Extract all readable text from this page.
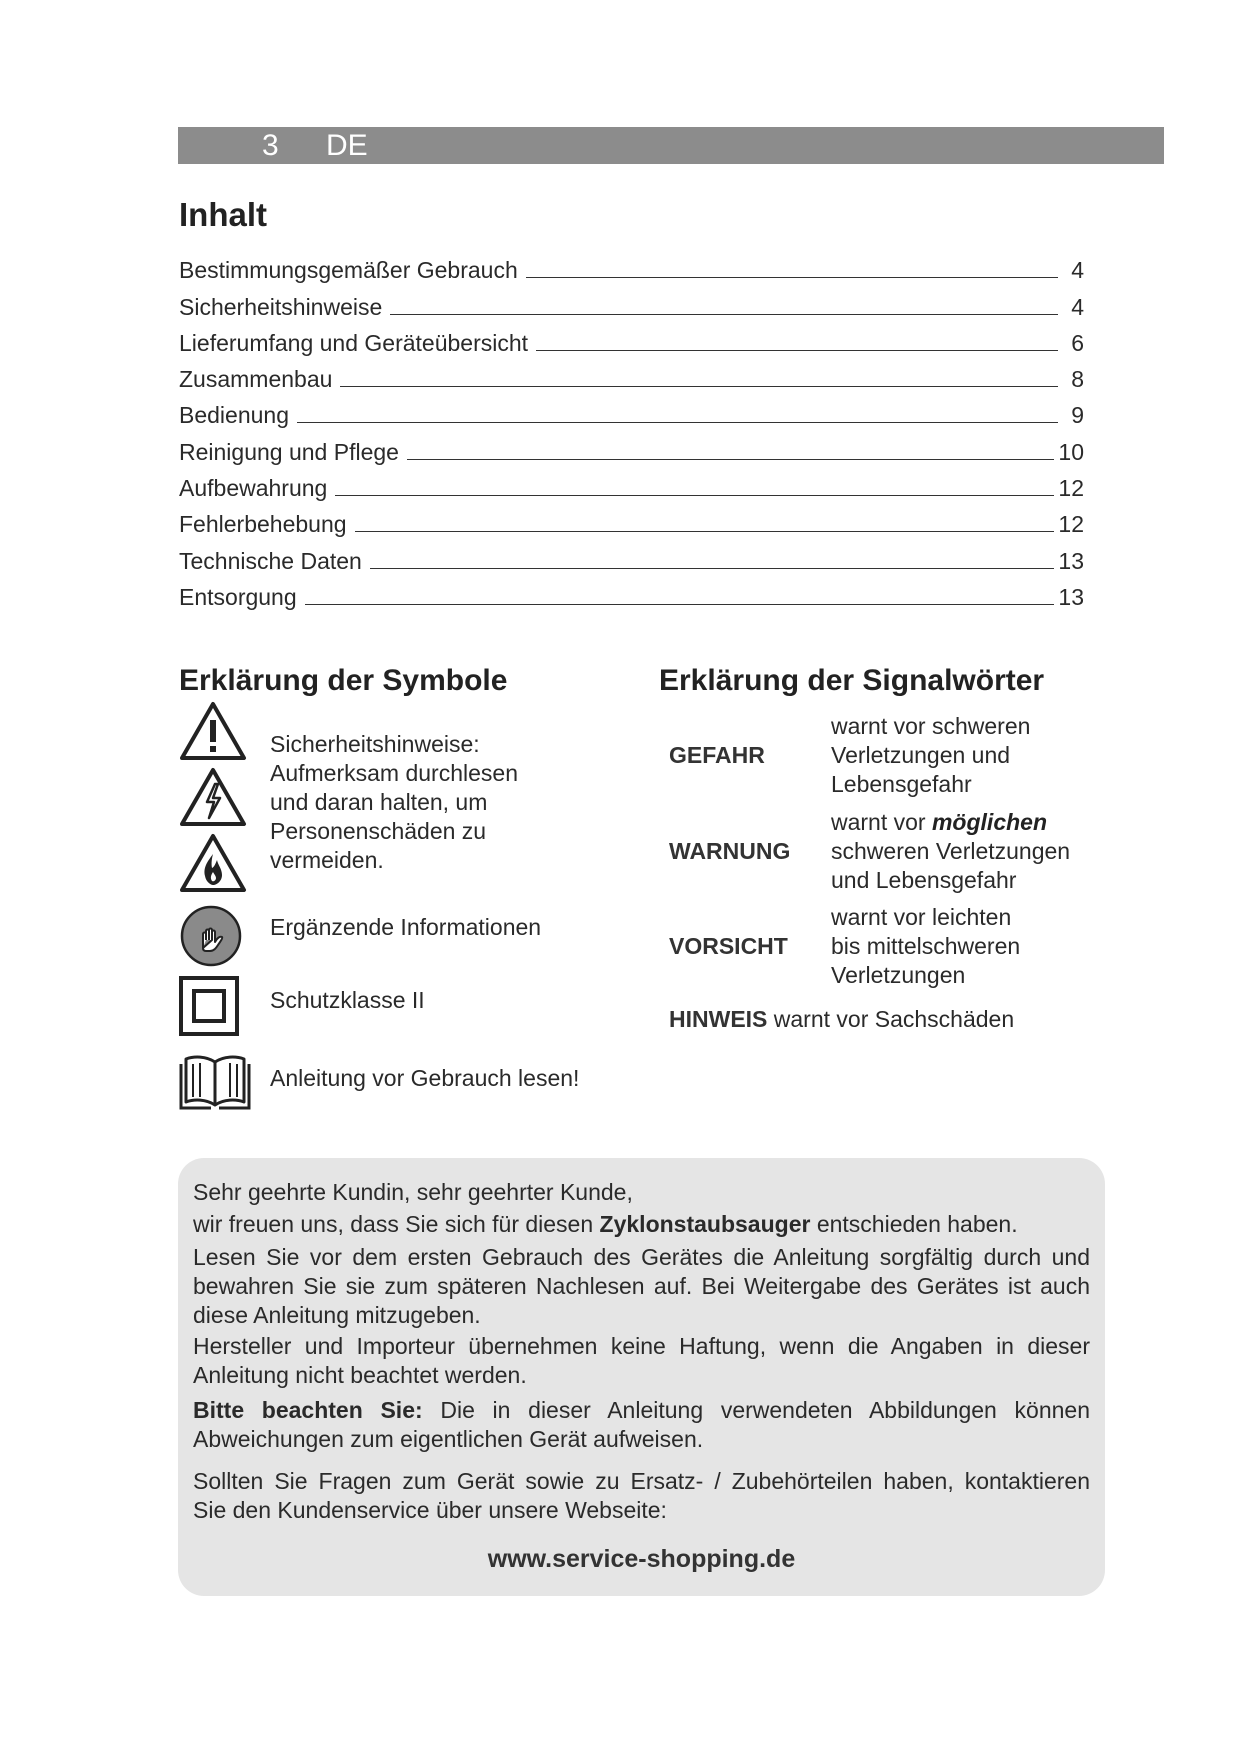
3 DE
Inhalt
Bestimmungsgemäßer Gebrauch	4
Sicherheitshinweise	4
Lieferumfang und Geräteübersicht	6
Zusammenbau	8
Bedienung	9
Reinigung und Pflege	10
Aufbewahrung	12
Fehlerbehebung	12
Technische Daten	13
Entsorgung	13
Erklärung der Symbole
Sicherheitshinweise:
Aufmerksam durchlesen
und daran halten, um
Personenschäden zu
vermeiden.
Ergänzende Informationen
Schutzklasse II
Anleitung vor Gebrauch lesen!
Erklärung der Signalwörter
GEFAHR
warnt vor schweren
Verletzungen und
Lebensgefahr
WARNUNG
warnt vor möglichen
schweren Verletzungen
und Lebensgefahr
VORSICHT
warnt vor leichten
bis mittelschweren
Verletzungen
HINWEIS warnt vor Sachschäden
Sehr geehrte Kundin, sehr geehrter Kunde,
wir freuen uns, dass Sie sich für diesen Zyklonstaubsauger entschieden haben.
Lesen Sie vor dem ersten Gebrauch des Gerätes die Anleitung sorgfältig durch und
bewahren Sie sie zum späteren Nachlesen auf. Bei Weitergabe des Gerätes ist auch
diese Anleitung mitzugeben.
Hersteller und Importeur übernehmen keine Haftung, wenn die Angaben in dieser
Anleitung nicht beachtet werden.
Bitte beachten Sie: Die in dieser Anleitung verwendeten Abbildungen können
Abweichungen zum eigentlichen Gerät aufweisen.
Sollten Sie Fragen zum Gerät sowie zu Ersatz- / Zubehörteilen haben, kontaktieren
Sie den Kundenservice über unsere Webseite:
www.service-shopping.de
